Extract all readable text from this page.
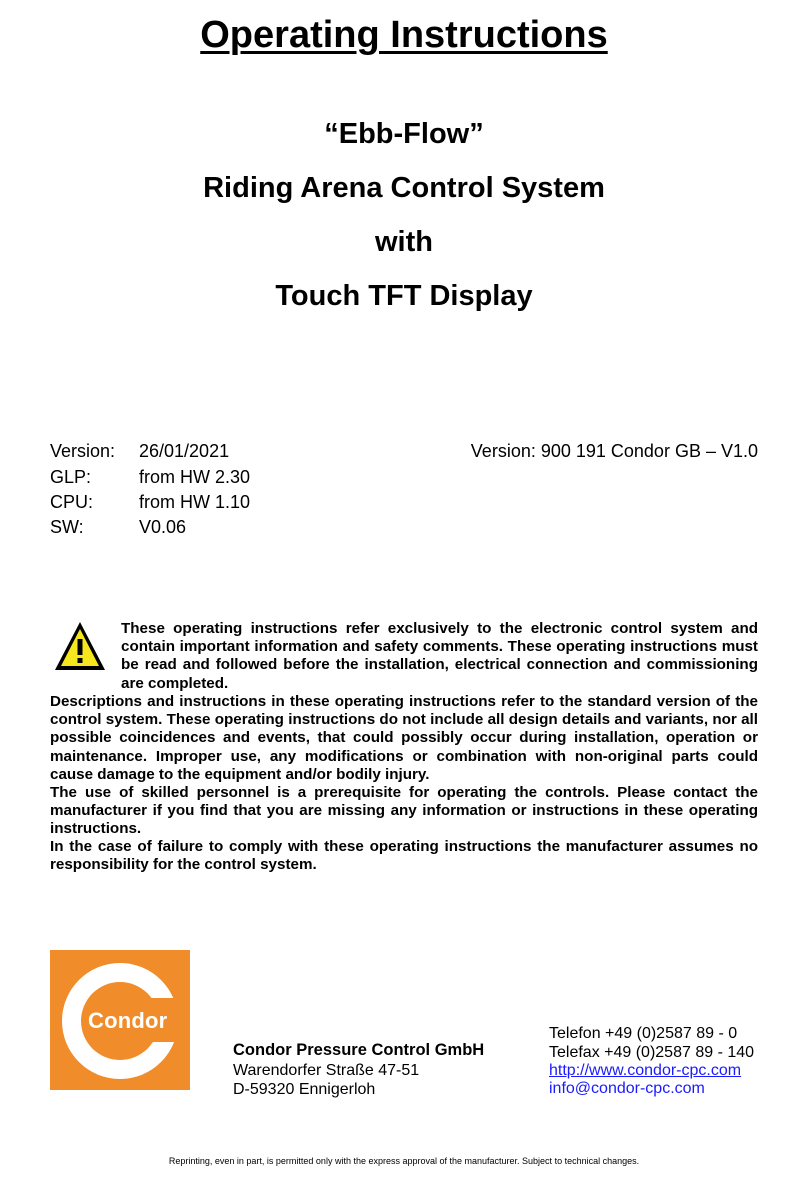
Operating Instructions
“Ebb-Flow”
Riding Arena Control System
with
Touch TFT Display
Version: 26/01/2021
GLP:	from HW 2.30
CPU:	from HW 1.10
SW:	V0.06
Version: 900 191 Condor GB – V1.0
These operating instructions refer exclusively to the electronic control system and contain important information and safety comments. These operating instructions must be read and followed before the installation, electrical connection and commissioning are completed.
Descriptions and instructions in these operating instructions refer to the standard version of the control system. These operating instructions do not include all design details and variants, nor all possible coincidences and events, that could possibly occur during installation, operation or maintenance. Improper use, any modifications or combination with non-original parts could cause damage to the equipment and/or bodily injury.
The use of skilled personnel is a prerequisite for operating the controls. Please contact the manufacturer if you find that you are missing any information or instructions in these operating instructions.
In the case of failure to comply with these operating instructions the manufacturer assumes no responsibility for the control system.
Condor
Condor Pressure Control GmbH
Warendorfer Straße 47-51
D-59320 Ennigerloh
Telefon +49 (0)2587 89 - 0
Telefax +49 (0)2587 89 - 140
http://www.condor-cpc.com
info@condor-cpc.com
Reprinting, even in part, is permitted only with the express approval of the manufacturer. Subject to technical changes.
